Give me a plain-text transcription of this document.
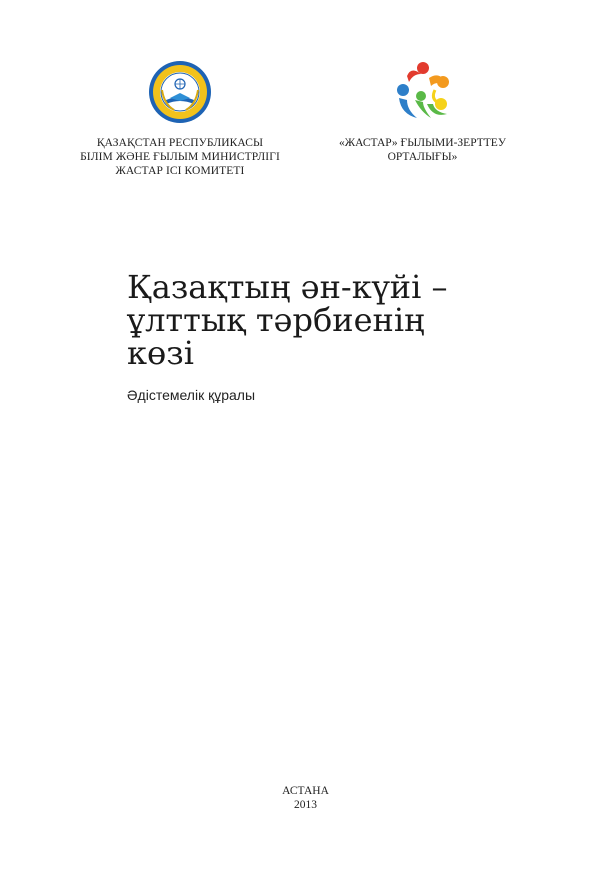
ҚАЗАҚСТАН РЕСПУБЛИКАСЫ
БІЛІМ ЖӘНЕ ҒЫЛЫМ МИНИСТРЛІГІ
ЖАСТАР ІСІ КОМИТЕТІ
«ЖАСТАР» ҒЫЛЫМИ-ЗЕРТТЕУ
ОРТАЛЫҒЫ»
Қазақтың ән-күйі –
ұлттық тәрбиенің
көзі
Әдістемелік құралы
АСТАНА
2013
